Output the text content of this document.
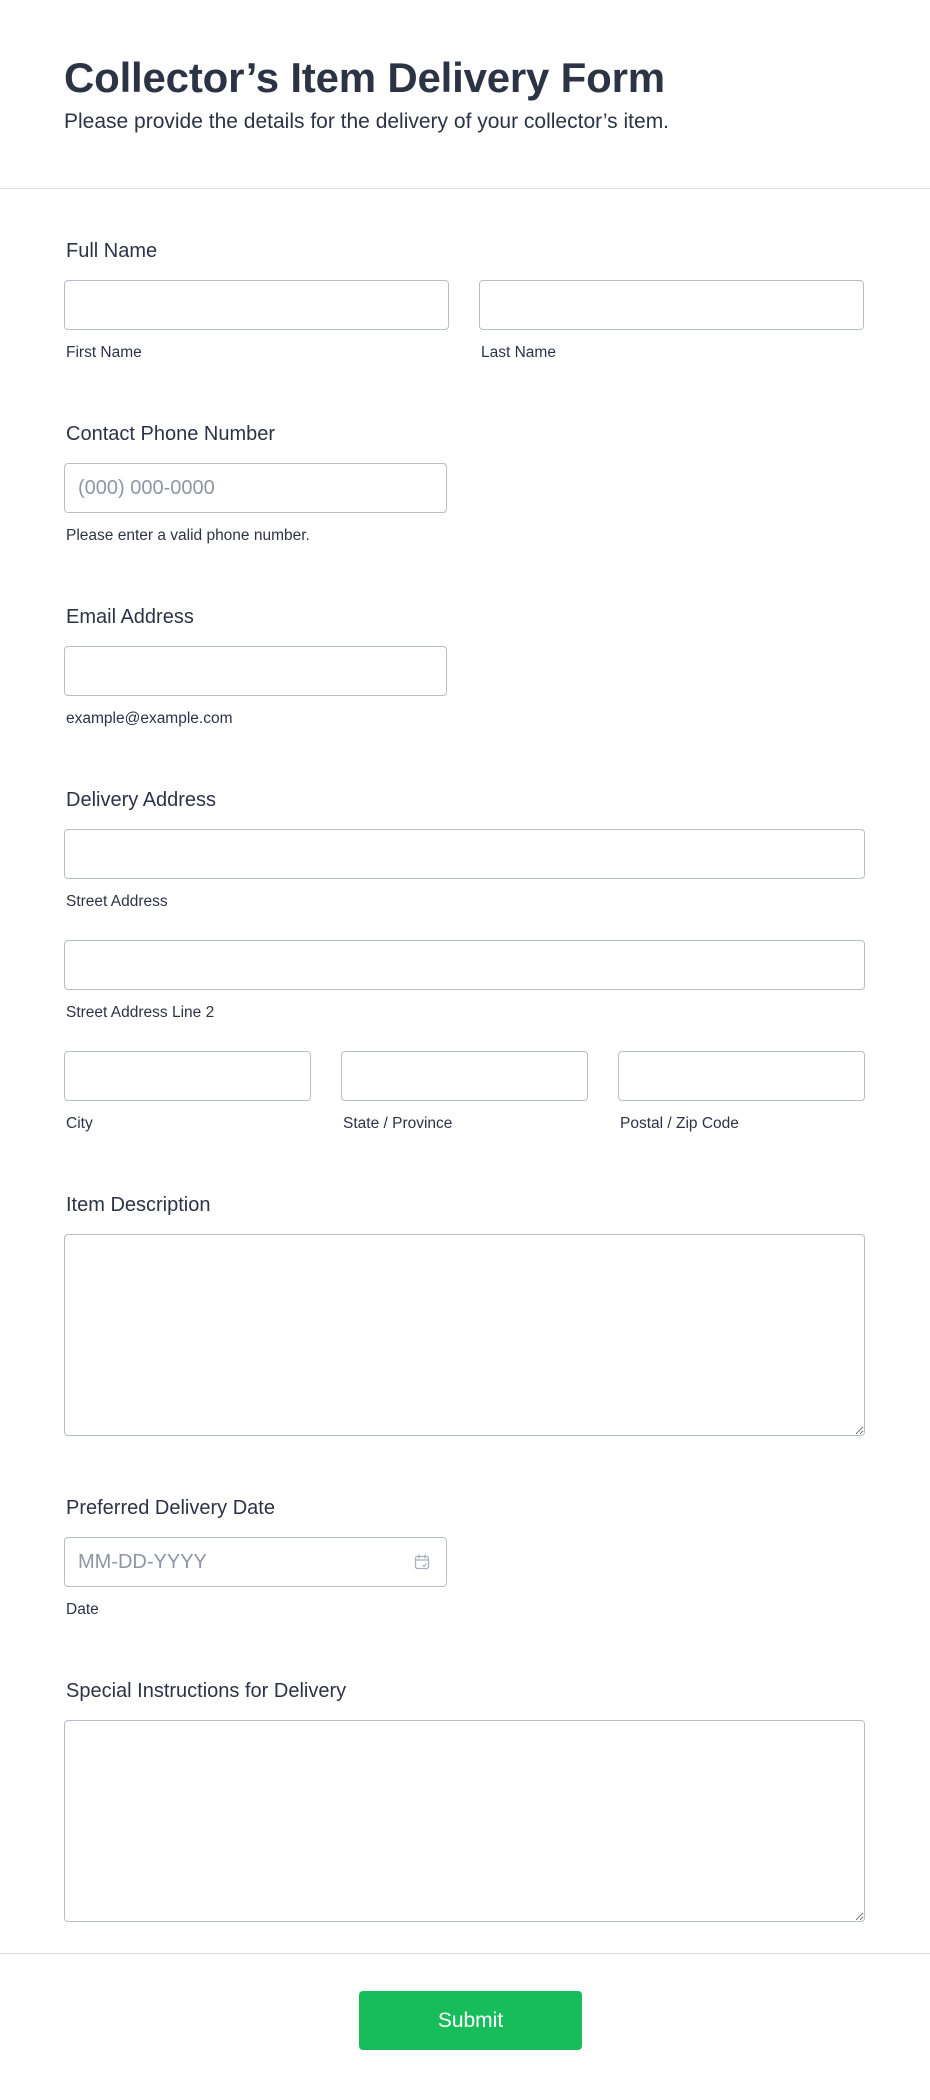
Collector’s Item Delivery Form
Please provide the details for the delivery of your collector’s item.
Full Name
First Name	Last Name
Contact Phone Number
(000) 000-0000
Please enter a valid phone number.
Email Address
example@example.com
Delivery Address
Street Address
Street Address Line 2
City	State / Province	Postal / Zip Code
Item Description
Preferred Delivery Date
MM-DD-YYYY
Date
Special Instructions for Delivery
Submit
